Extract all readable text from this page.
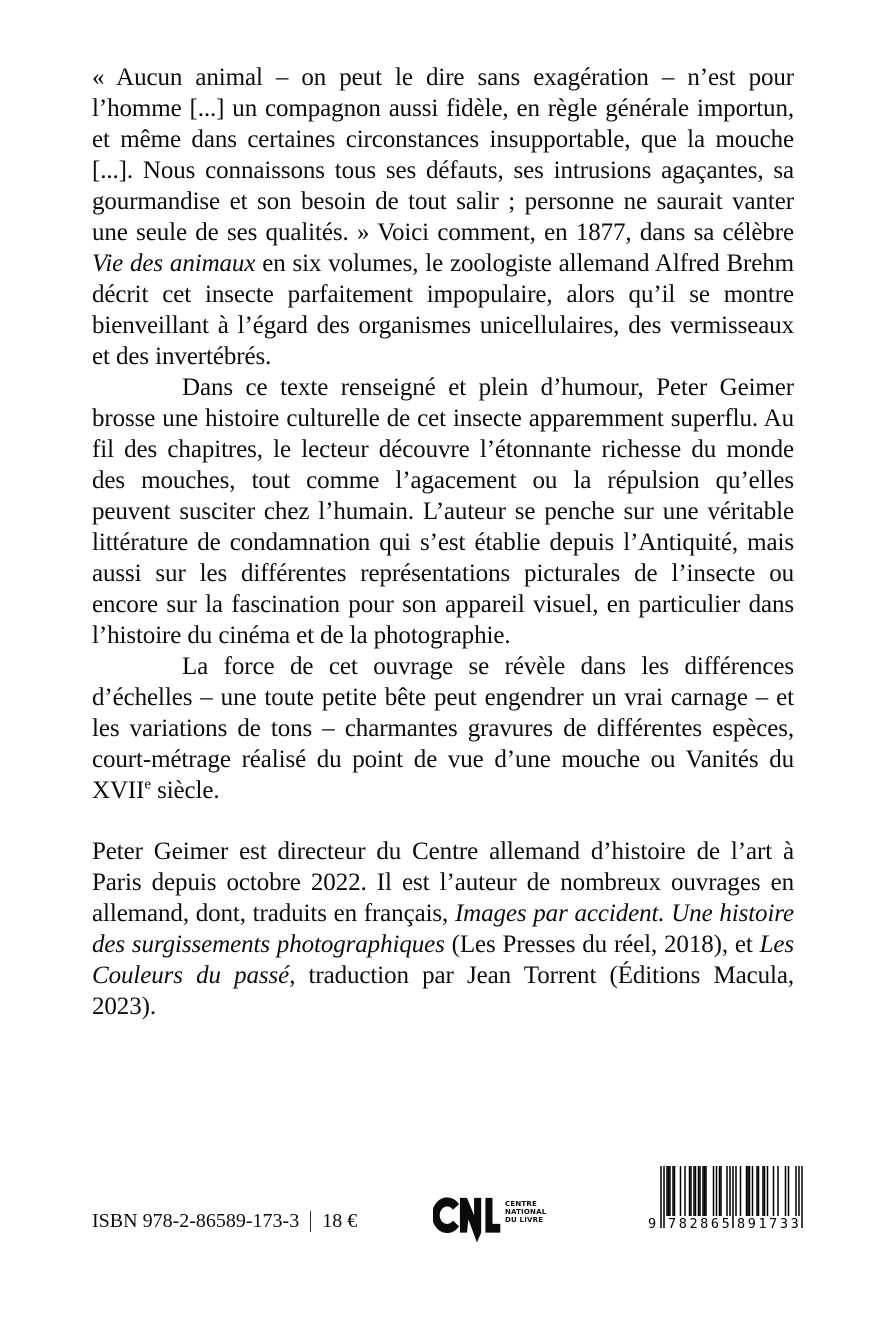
« Aucun animal – on peut le dire sans exagération – n’est pour l’homme [...] un compagnon aussi fidèle, en règle générale importun, et même dans certaines circonstances insupportable, que la mouche [...]. Nous connaissons tous ses défauts, ses intrusions agaçantes, sa gourmandise et son besoin de tout salir ; personne ne saurait vanter une seule de ses qualités. » Voici comment, en 1877, dans sa célèbre Vie des animaux en six volumes, le zoologiste allemand Alfred Brehm décrit cet insecte parfaitement impopulaire, alors qu’il se montre bienveillant à l’égard des organismes unicellulaires, des vermisseaux et des invertébrés.

Dans ce texte renseigné et plein d’humour, Peter Geimer brosse une histoire culturelle de cet insecte apparemment superflu. Au fil des chapitres, le lecteur découvre l’étonnante richesse du monde des mouches, tout comme l’agacement ou la répulsion qu’elles peuvent susciter chez l’humain. L’auteur se penche sur une véritable littérature de condamnation qui s’est établie depuis l’Antiquité, mais aussi sur les différentes représentations picturales de l’insecte ou encore sur la fascination pour son appareil visuel, en particulier dans l’histoire du cinéma et de la photographie.

La force de cet ouvrage se révèle dans les différences d’échelles – une toute petite bête peut engendrer un vrai carnage – et les variations de tons – charmantes gravures de différentes espèces, court-métrage réalisé du point de vue d’une mouche ou Vanités du XVIIe siècle.

Peter Geimer est directeur du Centre allemand d’histoire de l’art à Paris depuis octobre 2022. Il est l’auteur de nombreux ouvrages en allemand, dont, traduits en français, Images par accident. Une histoire des surgissements photographiques (Les Presses du réel, 2018), et Les Couleurs du passé, traduction par Jean Torrent (Éditions Macula, 2023).

ISBN 978-2-86589-173-3 18 €
CENTRE
NATIONAL
DU LIVRE	9 782865 891733
